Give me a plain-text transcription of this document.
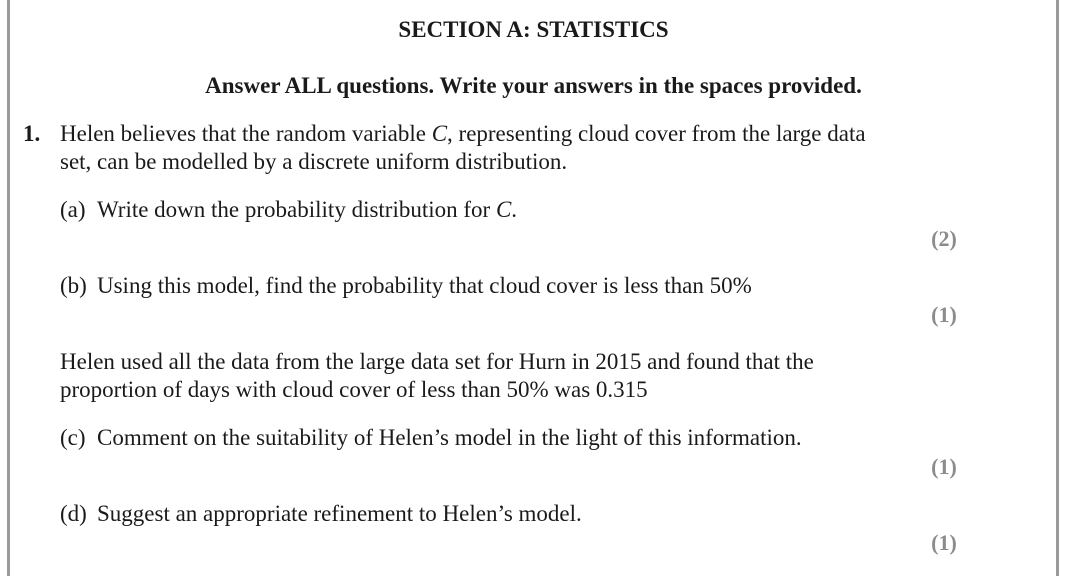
SECTION A: STATISTICS
Answer ALL questions. Write your answers in the spaces provided.
1. Helen believes that the random variable C, representing cloud cover from the large data
set, can be modelled by a discrete uniform distribution.
(a) Write down the probability distribution for C.
(2)
(b) Using this model, find the probability that cloud cover is less than 50%
(1)
Helen used all the data from the large data set for Hurn in 2015 and found that the
proportion of days with cloud cover of less than 50% was 0.315
(c) Comment on the suitability of Helen’s model in the light of this information.
(1)
(d) Suggest an appropriate refinement to Helen’s model.
(1)
